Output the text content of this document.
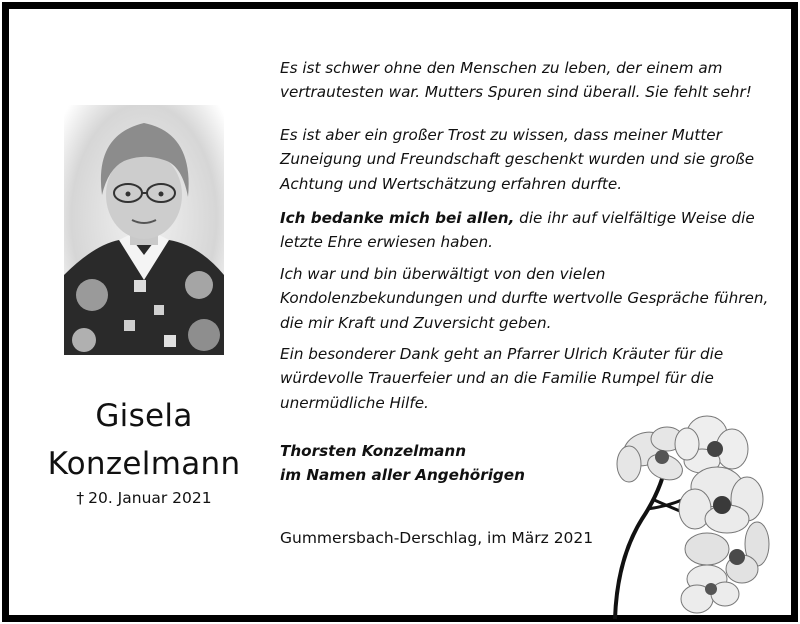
Gisela
Konzelmann
† 20. Januar 2021

Es ist schwer ohne den Menschen zu leben, der einem am

vertrautesten war. Mutters Spuren sind überall. Sie fehlt sehr!

Es ist aber ein großer Trost zu wissen, dass meiner Mutter

Zuneigung und Freundschaft geschenkt wurden und sie große

Achtung und Wertschätzung erfahren durfte.

Ich bedanke mich bei allen, die ihr auf vielfältige Weise die

letzte Ehre erwiesen haben.

Ich war und bin überwältigt von den vielen

Kondolenzbekundungen und durfte wertvolle Gespräche führen,

die mir Kraft und Zuversicht geben.

Ein besonderer Dank geht an Pfarrer Ulrich Kräuter für die

würdevolle Trauerfeier und an die Familie Rumpel für die

unermüdliche Hilfe.

Thorsten Konzelmann

im Namen aller Angehörigen

Gummersbach-Derschlag, im März 2021
